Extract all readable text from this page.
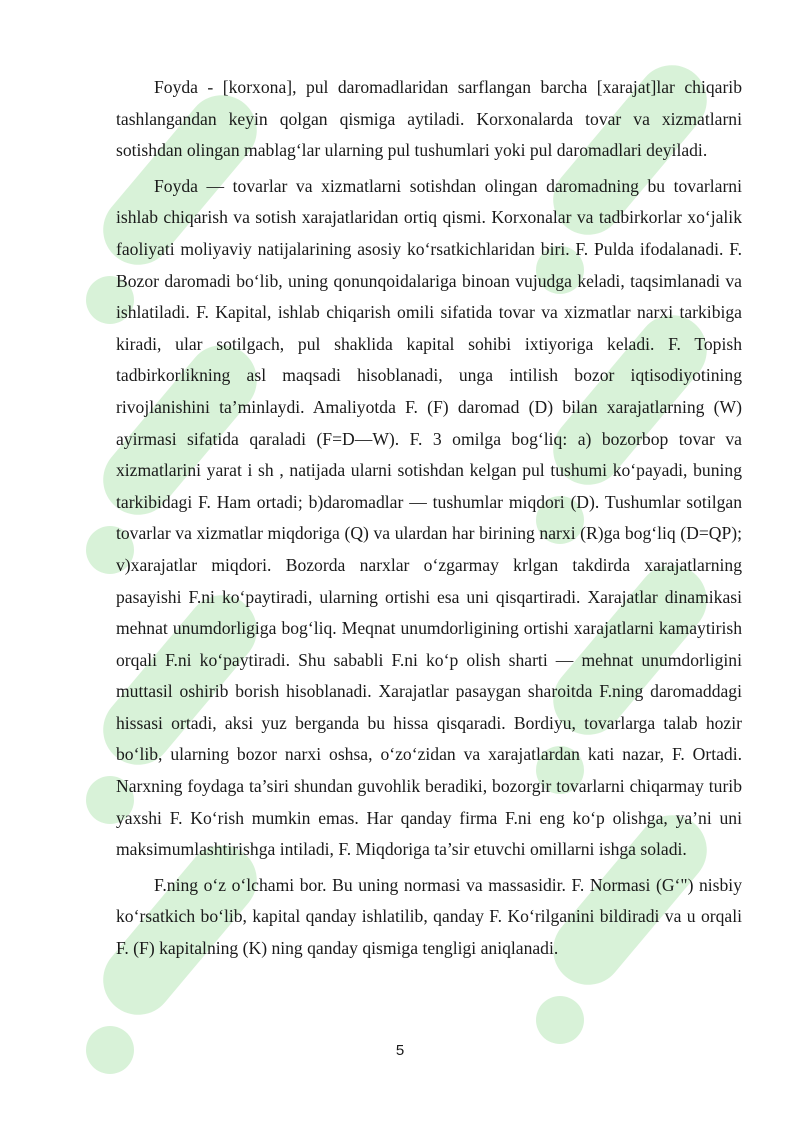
Foyda - [korxona], pul daromadlaridan sarflangan barcha [xarajat]lar chiqarib tashlangandan keyin qolgan qismiga aytiladi. Korxonalarda tovar va xizmatlarni sotishdan olingan mablag‘lar ularning pul tushumlari yoki pul daromadlari deyiladi.

Foyda — tovarlar va xizmatlarni sotishdan olingan daromadning bu tovarlarni ishlab chiqarish va sotish xarajatlaridan ortiq qismi. Korxonalar va tadbirkorlar xo‘jalik faoliyati moliyaviy natijalarining asosiy ko‘rsatkichlaridan biri. F. Pulda ifodalanadi. F. Bozor daromadi bo‘lib, uning qonunqoidalariga binoan vujudga keladi, taqsimlanadi va ishlatiladi. F. Kapital, ishlab chiqarish omili sifatida tovar va xizmatlar narxi tarkibiga kiradi, ular sotilgach, pul shaklida kapital sohibi ixtiyoriga keladi. F. Topish tadbirkorlikning asl maqsadi hisoblanadi, unga intilish bozor iqtisodiyotining rivojlanishini ta’minlaydi. Amaliyotda F. (F) daromad (D) bilan xarajatlarning (W) ayirmasi sifatida qaraladi (F=D—W). F. 3 omilga bog‘liq: a) bozorbop tovar va xizmatlarini yarat i sh , natijada ularni sotishdan kelgan pul tushumi ko‘payadi, buning tarkibidagi F. Ham ortadi; b)daromadlar — tushumlar miqdori (D). Tushumlar sotilgan tovarlar va xizmatlar miqdoriga (Q) va ulardan har birining narxi (R)ga bog‘liq (D=QP); v)xarajatlar miqdori. Bozorda narxlar o‘zgarmay krlgan takdirda xarajatlarning pasayishi F.ni ko‘paytiradi, ularning ortishi esa uni qisqartiradi. Xarajatlar dinamikasi mehnat unumdorligiga bog‘liq. Meqnat unumdorligining ortishi xarajatlarni kamaytirish orqali F.ni ko‘paytiradi. Shu sababli F.ni ko‘p olish sharti — mehnat unumdorligini muttasil oshirib borish hisoblanadi. Xarajatlar pasaygan sharoitda F.ning daromaddagi hissasi ortadi, aksi yuz berganda bu hissa qisqaradi. Bordiyu, tovarlarga talab hozir bo‘lib, ularning bozor narxi oshsa, o‘zo‘zidan va xarajatlardan kati nazar, F. Ortadi. Narxning foydaga ta’siri shundan guvohlik beradiki, bozorgir tovarlarni chiqarmay turib yaxshi F. Ko‘rish mumkin emas. Har qanday firma F.ni eng ko‘p olishga, ya’ni uni maksimumlashtirishga intiladi, F. Miqdoriga ta’sir etuvchi omillarni ishga soladi.

F.ning o‘z o‘lchami bor. Bu uning normasi va massasidir. F. Normasi (G‘") nisbiy ko‘rsatkich bo‘lib, kapital qanday ishlatilib, qanday F. Ko‘rilganini bildiradi va u orqali F. (F) kapitalning (K) ning qanday qismiga tengligi aniqlanadi.

5
